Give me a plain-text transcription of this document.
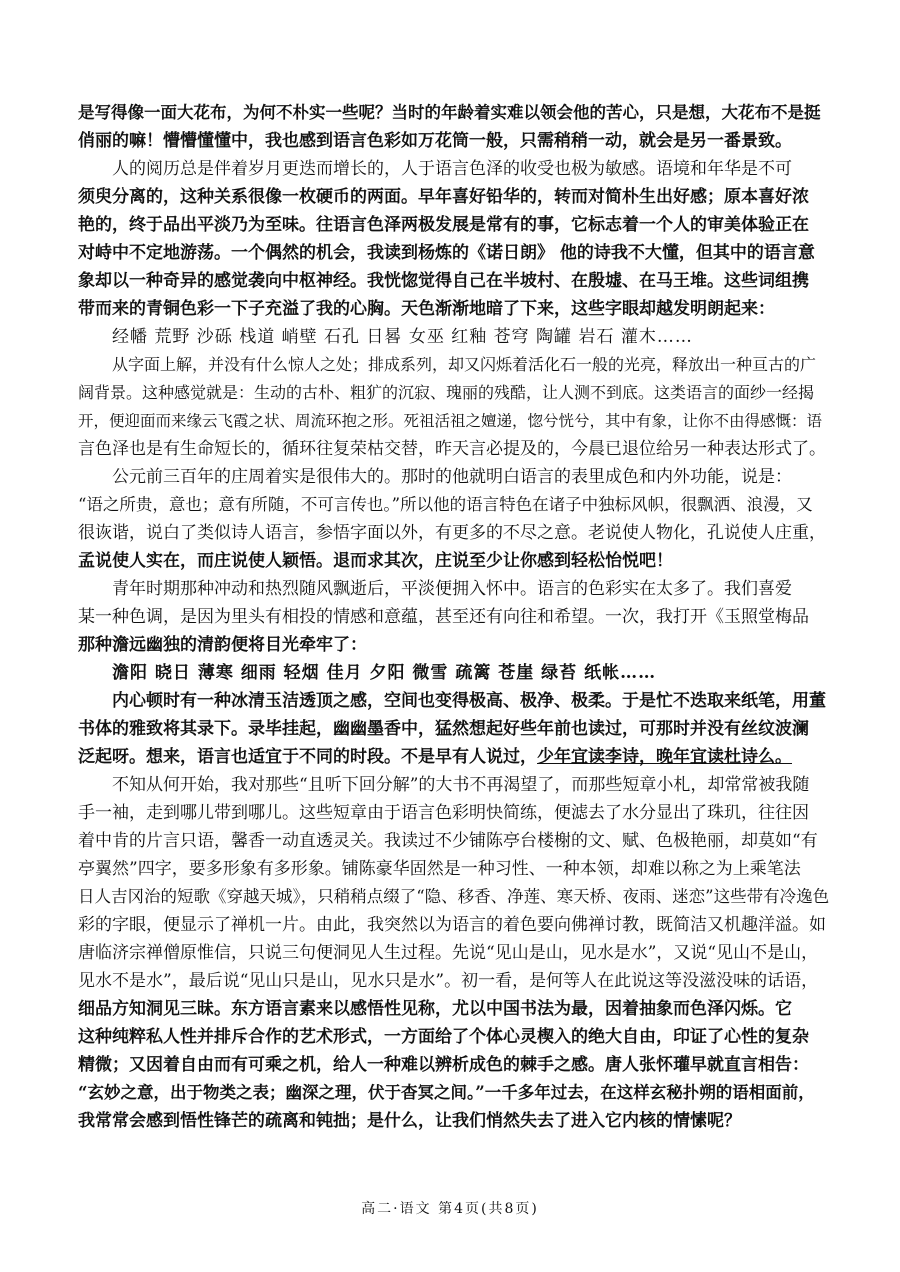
是写得像一面大花布，为何不朴实一些呢？当时的年龄着实难以领会他的苦心，只是想，大花布不是挺
俏丽的嘛！懵懵懂懂中，我也感到语言色彩如万花筒一般，只需稍稍一动，就会是另一番景致。
人的阅历总是伴着岁月更迭而增长的，人于语言色泽的收受也极为敏感。语境和年华是不可
须臾分离的，这种关系很像一枚硬币的两面。早年喜好铅华的，转而对简朴生出好感；原本喜好浓
艳的，终于品出平淡乃为至味。往语言色泽两极发展是常有的事，它标志着一个人的审美体验正在
对峙中不定地游荡。一个偶然的机会，我读到杨炼的《诺日朗》 他的诗我不大懂，但其中的语言意
象却以一种奇异的感觉袭向中枢神经。我恍惚觉得自己在半坡村、在殷墟、在马王堆。这些词组携
带而来的青铜色彩一下子充溢了我的心胸。天色渐渐地暗了下来，这些字眼却越发明朗起来：
经幡 荒野 沙砾 栈道 峭壁 石孔 日晷 女巫 红釉 苍穹 陶罐 岩石 灌木……
从字面上解，并没有什么惊人之处；排成系列，却又闪烁着活化石一般的光亮，释放出一种亘古的广
阔背景。这种感觉就是：生动的古朴、粗犷的沉寂、瑰丽的残酷，让人测不到底。这类语言的面纱一经揭
开，便迎面而来缘云飞霞之状、周流环抱之形。死祖活祖之嬗递，惚兮恍兮，其中有象，让你不由得感慨：语
言色泽也是有生命短长的，循环往复荣枯交替，昨天言必提及的，今晨已退位给另一种表达形式了。
公元前三百年的庄周着实是很伟大的。那时的他就明白语言的表里成色和内外功能，说是：
“语之所贵，意也；意有所随，不可言传也。”所以他的语言特色在诸子中独标风帜，很飘洒、浪漫，又
很诙谐，说白了类似诗人语言，参悟字面以外，有更多的不尽之意。老说使人物化，孔说使人庄重，
孟说使人实在，而庄说使人颖悟。退而求其次，庄说至少让你感到轻松怡悦吧！
青年时期那种冲动和热烈随风飘逝后，平淡便拥入怀中。语言的色彩实在太多了。我们喜爱
某一种色调，是因为里头有相投的情感和意蕴，甚至还有向往和希望。一次，我打开《玉照堂梅品
那种澹远幽独的清韵便将目光牵牢了：
澹阳 晓日 薄寒 细雨 轻烟 佳月 夕阳 微雪 疏篱 苍崖 绿苔 纸帐……
内心顿时有一种冰清玉洁透顶之感，空间也变得极高、极净、极柔。于是忙不迭取来纸笔，用董
书体的雅致将其录下。录毕挂起，幽幽墨香中，猛然想起好些年前也读过，可那时并没有丝纹波澜
泛起呀。想来，语言也适宜于不同的时段。不是早有人说过，少年宜读李诗，晚年宜读杜诗么。
不知从何开始，我对那些“且听下回分解”的大书不再渴望了，而那些短章小札，却常常被我随
手一袖，走到哪儿带到哪儿。这些短章由于语言色彩明快简练，便滤去了水分显出了珠玑，往往因
着中肯的片言只语，馨香一动直透灵关。我读过不少铺陈亭台楼榭的文、赋、色极艳丽，却莫如“有
亭翼然”四字，要多形象有多形象。铺陈豪华固然是一种习性、一种本领，却难以称之为上乘笔法
日人吉冈治的短歌《穿越天城》，只稍稍点缀了“隐、移香、净莲、寒天桥、夜雨、迷恋”这些带有冷逸色
彩的字眼，便显示了禅机一片。由此，我突然以为语言的着色要向佛禅讨教，既简洁又机趣洋溢。如
唐临济宗禅僧原惟信，只说三句便洞见人生过程。先说“见山是山，见水是水”，又说“见山不是山，
见水不是水”，最后说“见山只是山，见水只是水”。初一看，是何等人在此说这等没滋没味的话语，
细品方知洞见三昧。东方语言素来以感悟性见称，尤以中国书法为最，因着抽象而色泽闪烁。它
这种纯粹私人性并排斥合作的艺术形式，一方面给了个体心灵楔入的绝大自由，印证了心性的复杂
精微；又因着自由而有可乘之机，给人一种难以辨析成色的棘手之感。唐人张怀瓘早就直言相告：
“玄妙之意，出于物类之表；幽深之理，伏于杳冥之间。”一千多年过去，在这样玄秘扑朔的语相面前，
我常常会感到悟性锋芒的疏离和钝拙；是什么，让我们悄然失去了进入它内核的情愫呢？
高二·语文 第4页(共8页)
